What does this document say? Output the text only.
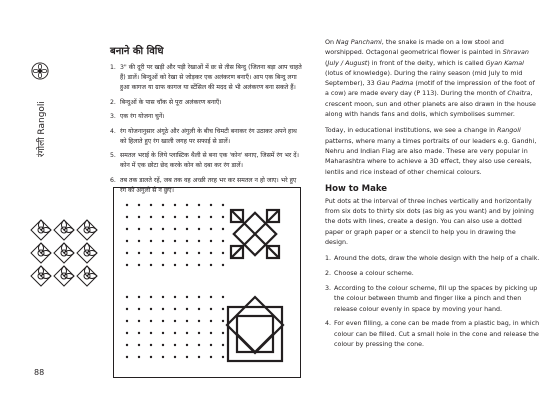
रंगोली Rangoli
88
बनाने की विधि
1. 3" की दूरी पर खड़ी और पड़ी रेखाओं में छः से तीस बिन्दु (जितना बड़ा आप चाहते हैं) डालें। बिन्दुओं को रेखा से जोड़कर एक अलंकरण बनाएँ। आप एक बिन्दु लगा हुआ कागज या ग्राफ कागज या स्टेंसिल की मदद से भी अलंकरण बना सकते हैं।
2. बिन्दुओं के पास चॉक से पूरा अलंकरण बनाएँ।
3. एक रंग योजना चुनें।
4. रंग योजनानुसार अंगूठे और अंगुली के बीच चिमटी बनाकर रंग उठाकर अपने हाथ को हिलाते हुए रंग खाली जगह पर सफाई से डालें।
5. समतल भराई के लिये प्लास्टिक थैली से बना एक 'कोन' बनाए, जिसमें रंग भर दें। कोन में एक छोटा छेद करके कोन को दबा कर रंग डालें।
6. तब तक डालते रहें, जब तक वह अच्छी तरह भर कर समतल न हो जाए। भरे हुए रंग को अंगुली से न छुएं।

On Nag Panchami, the snake is made on a low stool and worshipped. Octagonal geometrical flower is painted in Shravan (July / August) in front of the deity, which is called Gyan Kamal (lotus of knowledge). During the rainy season (mid July to mid September), 33 Gau Padma (motif of the impression of the foot of a cow) are made every day (P 113). During the month of Chaitra, crescent moon, sun and other planets are also drawn in the house along with hands fans and dolls, which symbolises summer.

Today, in educational institutions, we see a change in Rangoli patterns, where many a times portraits of our leaders e.g. Gandhi, Nehru and Indian Flag are also made. These are very popular in Maharashtra where to achieve a 3D effect, they also use cereals, lentils and rice instead of other chemical colours.

How to Make

Put dots at the interval of three inches vertically and horizontally from six dots to thirty six dots (as big as you want) and by joining the dots with lines, create a design. You can also use a dotted paper or graph paper or a stencil to help you in drawing the design.

1. Around the dots, draw the whole design with the help of a chalk.
2. Choose a colour scheme.
3. According to the colour scheme, fill up the spaces by picking up the colour between thumb and finger like a pinch and then release colour evenly in space by moving your hand.
4. For even filling, a cone can be made from a plastic bag, in which colour can be filled. Cut a small hole in the cone and release the colour by pressing the cone.
